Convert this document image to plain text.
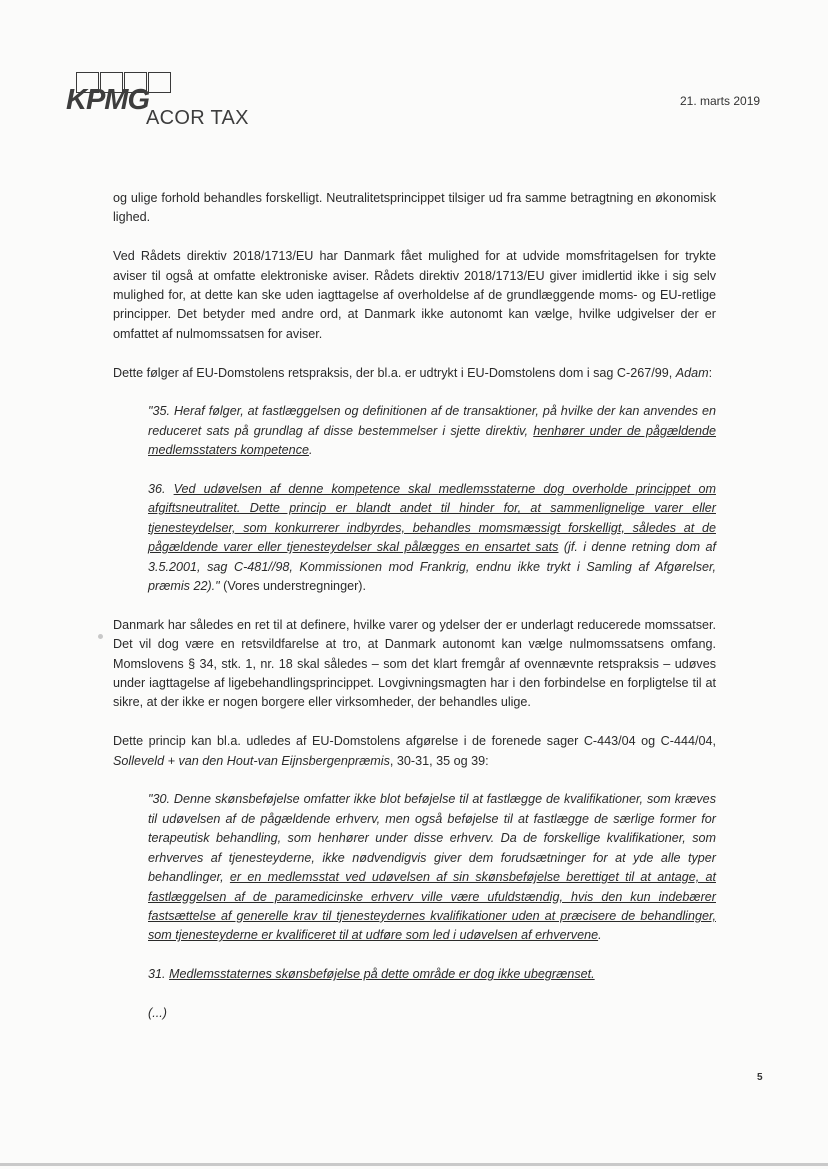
KPMG
ACOR TAX
21. marts 2019

og ulige forhold behandles forskelligt. Neutralitetsprincippet tilsiger ud fra samme betragtning en økonomisk lighed.

Ved Rådets direktiv 2018/1713/EU har Danmark fået mulighed for at udvide momsfritagelsen for trykte aviser til også at omfatte elektroniske aviser. Rådets direktiv 2018/1713/EU giver imidlertid ikke i sig selv mulighed for, at dette kan ske uden iagttagelse af overholdelse af de grundlæggende moms- og EU-retlige principper. Det betyder med andre ord, at Danmark ikke autonomt kan vælge, hvilke udgivelser der er omfattet af nulmomssatsen for aviser.

Dette følger af EU-Domstolens retspraksis, der bl.a. er udtrykt i EU-Domstolens dom i sag C-267/99, Adam:

"35. Heraf følger, at fastlæggelsen og definitionen af de transaktioner, på hvilke der kan anvendes en reduceret sats på grundlag af disse bestemmelser i sjette direktiv, henhører under de pågældende medlemsstaters kompetence.

36. Ved udøvelsen af denne kompetence skal medlemsstaterne dog overholde princippet om afgiftsneutralitet. Dette princip er blandt andet til hinder for, at sammenlignelige varer eller tjenesteydelser, som konkurrerer indbyrdes, behandles momsmæssigt forskelligt, således at de pågældende varer eller tjenesteydelser skal pålægges en ensartet sats (jf. i denne retning dom af 3.5.2001, sag C-481//98, Kommissionen mod Frankrig, endnu ikke trykt i Samling af Afgørelser, præmis 22)." (Vores understregninger).

Danmark har således en ret til at definere, hvilke varer og ydelser der er underlagt reducerede momssatser. Det vil dog være en retsvildfarelse at tro, at Danmark autonomt kan vælge nulmomssatsens omfang. Momslovens § 34, stk. 1, nr. 18 skal således – som det klart fremgår af ovennævnte retspraksis – udøves under iagttagelse af ligebehandlingsprincippet. Lovgivningsmagten har i den forbindelse en forpligtelse til at sikre, at der ikke er nogen borgere eller virksomheder, der behandles ulige.

Dette princip kan bl.a. udledes af EU-Domstolens afgørelse i de forenede sager C-443/04 og C-444/04, Solleveld + van den Hout-van Eijnsbergenpræmis, 30-31, 35 og 39:

"30. Denne skønsbeføjelse omfatter ikke blot beføjelse til at fastlægge de kvalifikationer, som kræves til udøvelsen af de pågældende erhverv, men også beføjelse til at fastlægge de særlige former for terapeutisk behandling, som henhører under disse erhverv. Da de forskellige kvalifikationer, som erhverves af tjenesteyderne, ikke nødvendigvis giver dem forudsætninger for at yde alle typer behandlinger, er en medlemsstat ved udøvelsen af sin skønsbeføjelse berettiget til at antage, at fastlæggelsen af de paramedicinske erhverv ville være ufuldstændig, hvis den kun indebærer fastsættelse af generelle krav til tjenesteydernes kvalifikationer uden at præcisere de behandlinger, som tjenesteyderne er kvalificeret til at udføre som led i udøvelsen af erhvervene.

31. Medlemsstaternes skønsbeføjelse på dette område er dog ikke ubegrænset.

(...)

5
